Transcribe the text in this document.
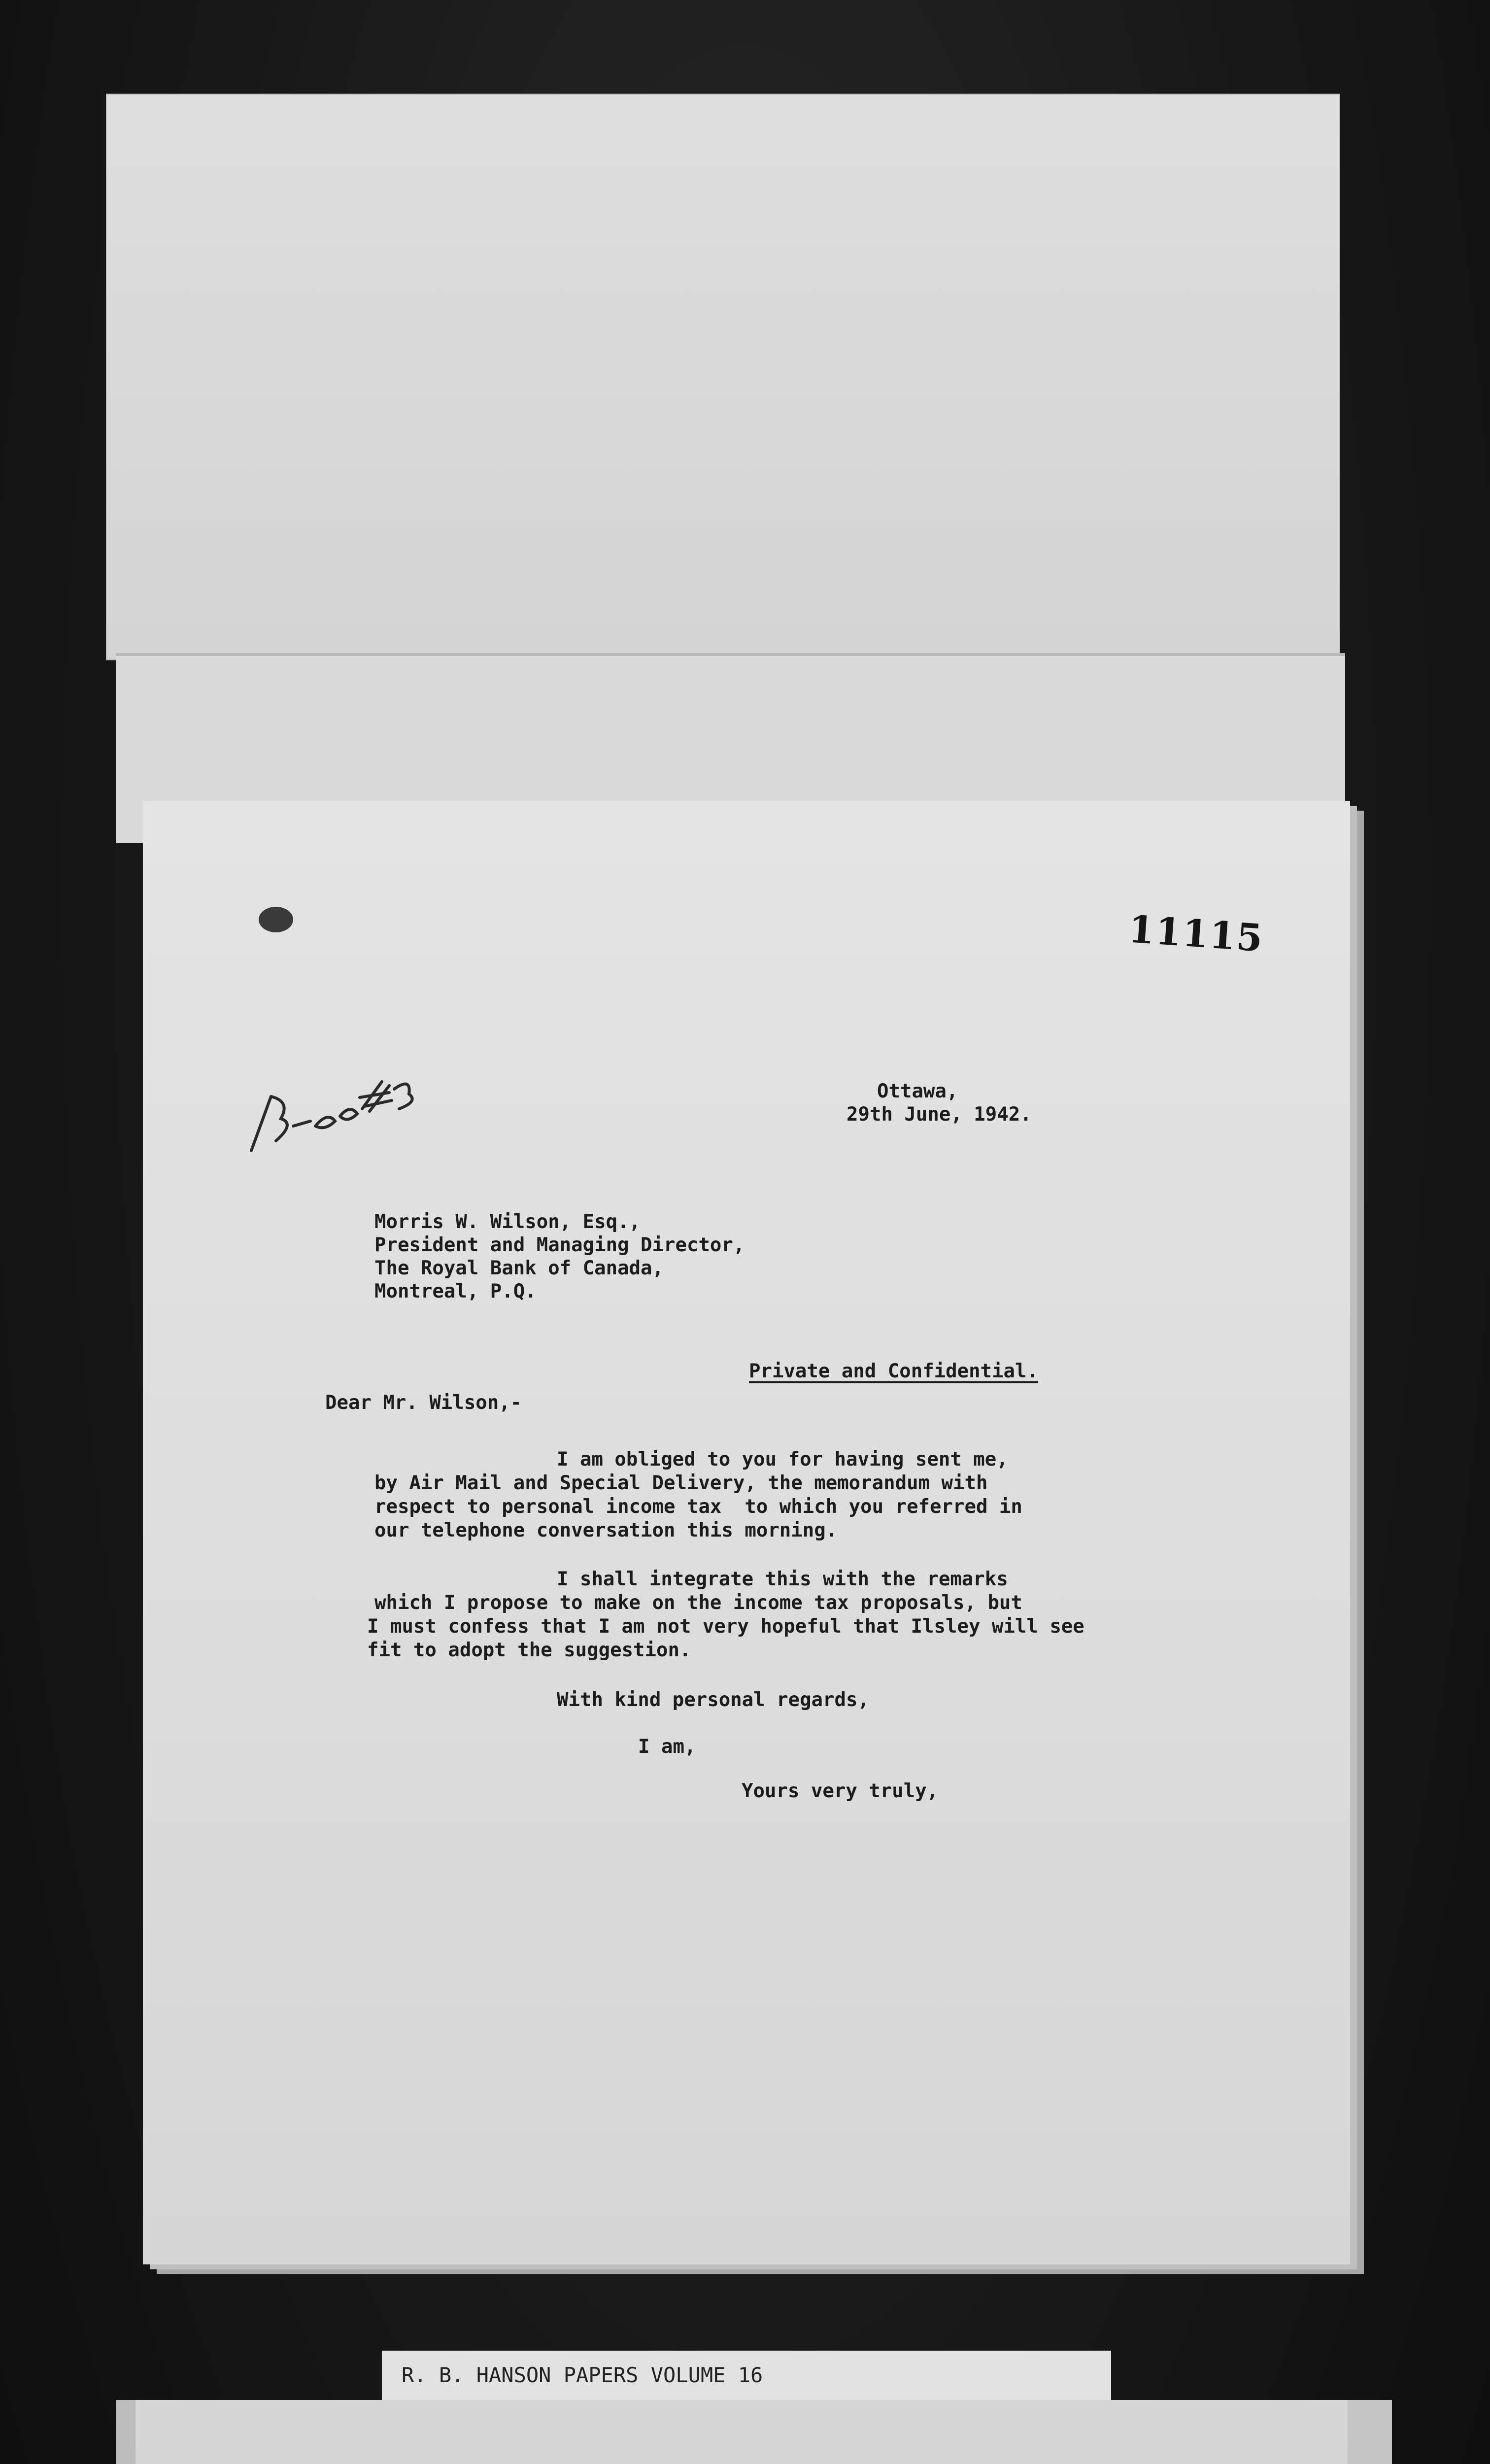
11115
Ottawa,
29th June, 1942.
Morris W. Wilson, Esq.,
President and Managing Director,
The Royal Bank of Canada,
Montreal, P.Q.
Private and Confidential.
Dear Mr. Wilson,-
I am obliged to you for having sent me,
by Air Mail and Special Delivery, the memorandum with
respect to personal income tax  to which you referred in
our telephone conversation this morning.
I shall integrate this with the remarks
which I propose to make on the income tax proposals, but
I must confess that I am not very hopeful that Ilsley will see
fit to adopt the suggestion.
With kind personal regards,
I am,
Yours very truly,
R. B. HANSON PAPERS VOLUME 16
